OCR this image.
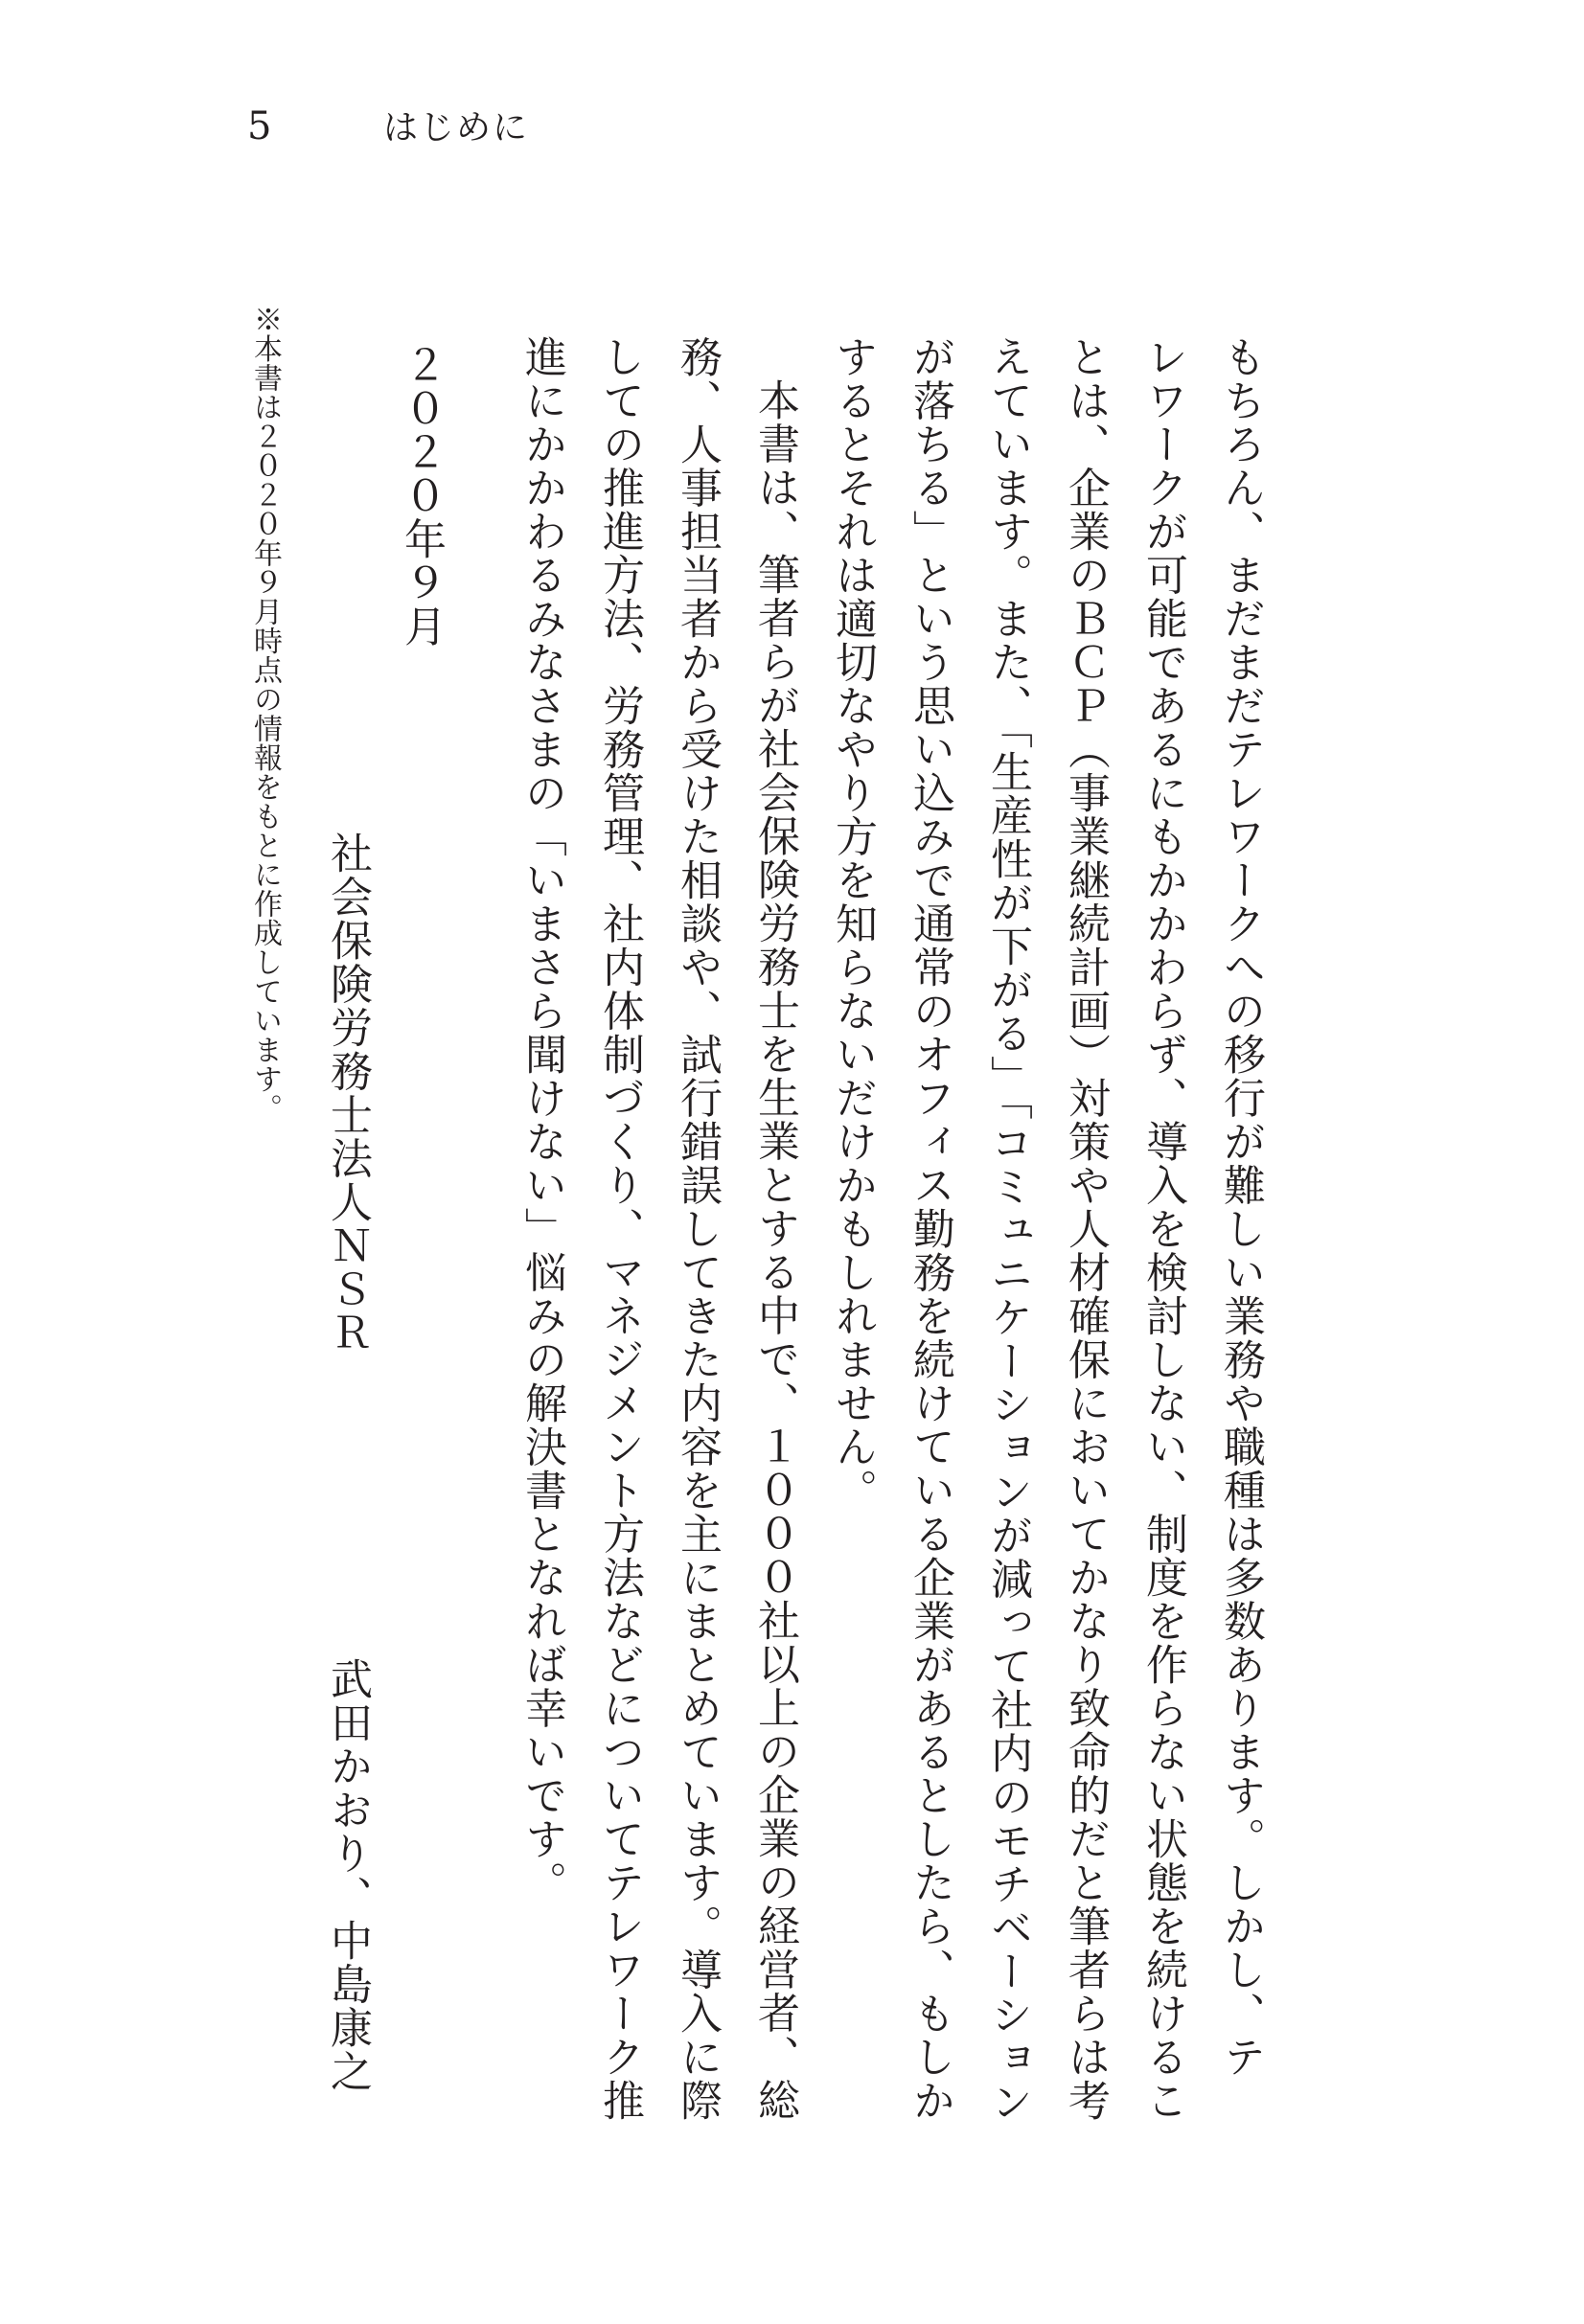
5	はじめに
もちろん、まだまだテレワークへの移行が難しい業務や職種は多数あります。しかし、テ
レワークが可能であるにもかかわらず、導入を検討しない、制度を作らない状態を続けるこ
とは、企業のＢＣＰ（事業継続計画）対策や人材確保においてかなり致命的だと筆者らは考
えています。また、「生産性が下がる」「コミュニケーションが減って社内のモチベーション
が落ちる」という思い込みで通常のオフィス勤務を続けている企業があるとしたら、もしか
するとそれは適切なやり方を知らないだけかもしれません。
本書は、筆者らが社会保険労務士を生業とする中で、１０００社以上の企業の経営者、総
務、人事担当者から受けた相談や、試行錯誤してきた内容を主にまとめています。導入に際
しての推進方法、労務管理、社内体制づくり、マネジメント方法などについてテレワーク推
進にかかわるみなさまの「いまさら聞けない」悩みの解決書となれば幸いです。
武田かおり、中島康之
社会保険労務士法人ＮＳＲ
２０２０年９月
※本書は２０２０年９月時点の情報をもとに作成しています。
